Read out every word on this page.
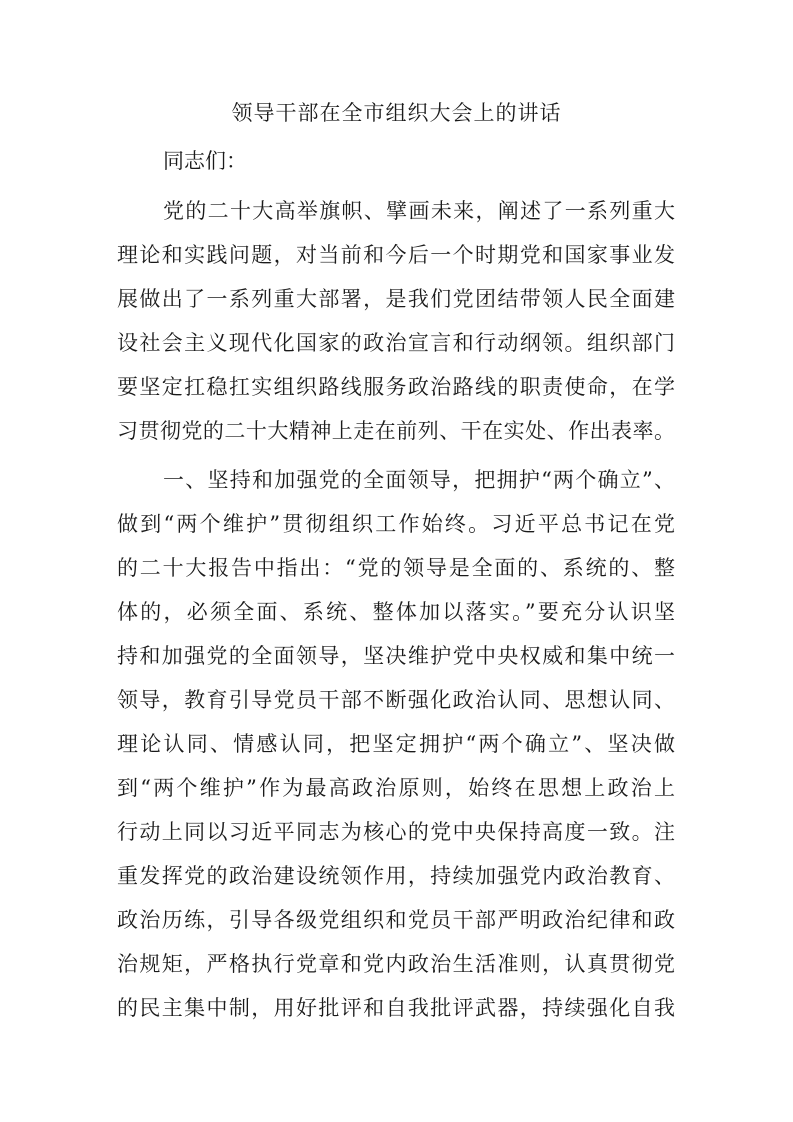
领导干部在全市组织大会上的讲话
同志们：
党的二十大高举旗帜、擘画未来，阐述了一系列重大
理论和实践问题，对当前和今后一个时期党和国家事业发
展做出了一系列重大部署，是我们党团结带领人民全面建
设社会主义现代化国家的政治宣言和行动纲领。组织部门
要坚定扛稳扛实组织路线服务政治路线的职责使命，在学
习贯彻党的二十大精神上走在前列、干在实处、作出表率。
一、坚持和加强党的全面领导，把拥护“两个确立”、
做到“两个维护”贯彻组织工作始终。习近平总书记在党
的二十大报告中指出：“党的领导是全面的、系统的、整
体的，必须全面、系统、整体加以落实。”要充分认识坚
持和加强党的全面领导，坚决维护党中央权威和集中统一
领导，教育引导党员干部不断强化政治认同、思想认同、
理论认同、情感认同，把坚定拥护“两个确立”、坚决做
到“两个维护”作为最高政治原则，始终在思想上政治上
行动上同以习近平同志为核心的党中央保持高度一致。注
重发挥党的政治建设统领作用，持续加强党内政治教育、
政治历练，引导各级党组织和党员干部严明政治纪律和政
治规矩，严格执行党章和党内政治生活准则，认真贯彻党
的民主集中制，用好批评和自我批评武器，持续强化自我
